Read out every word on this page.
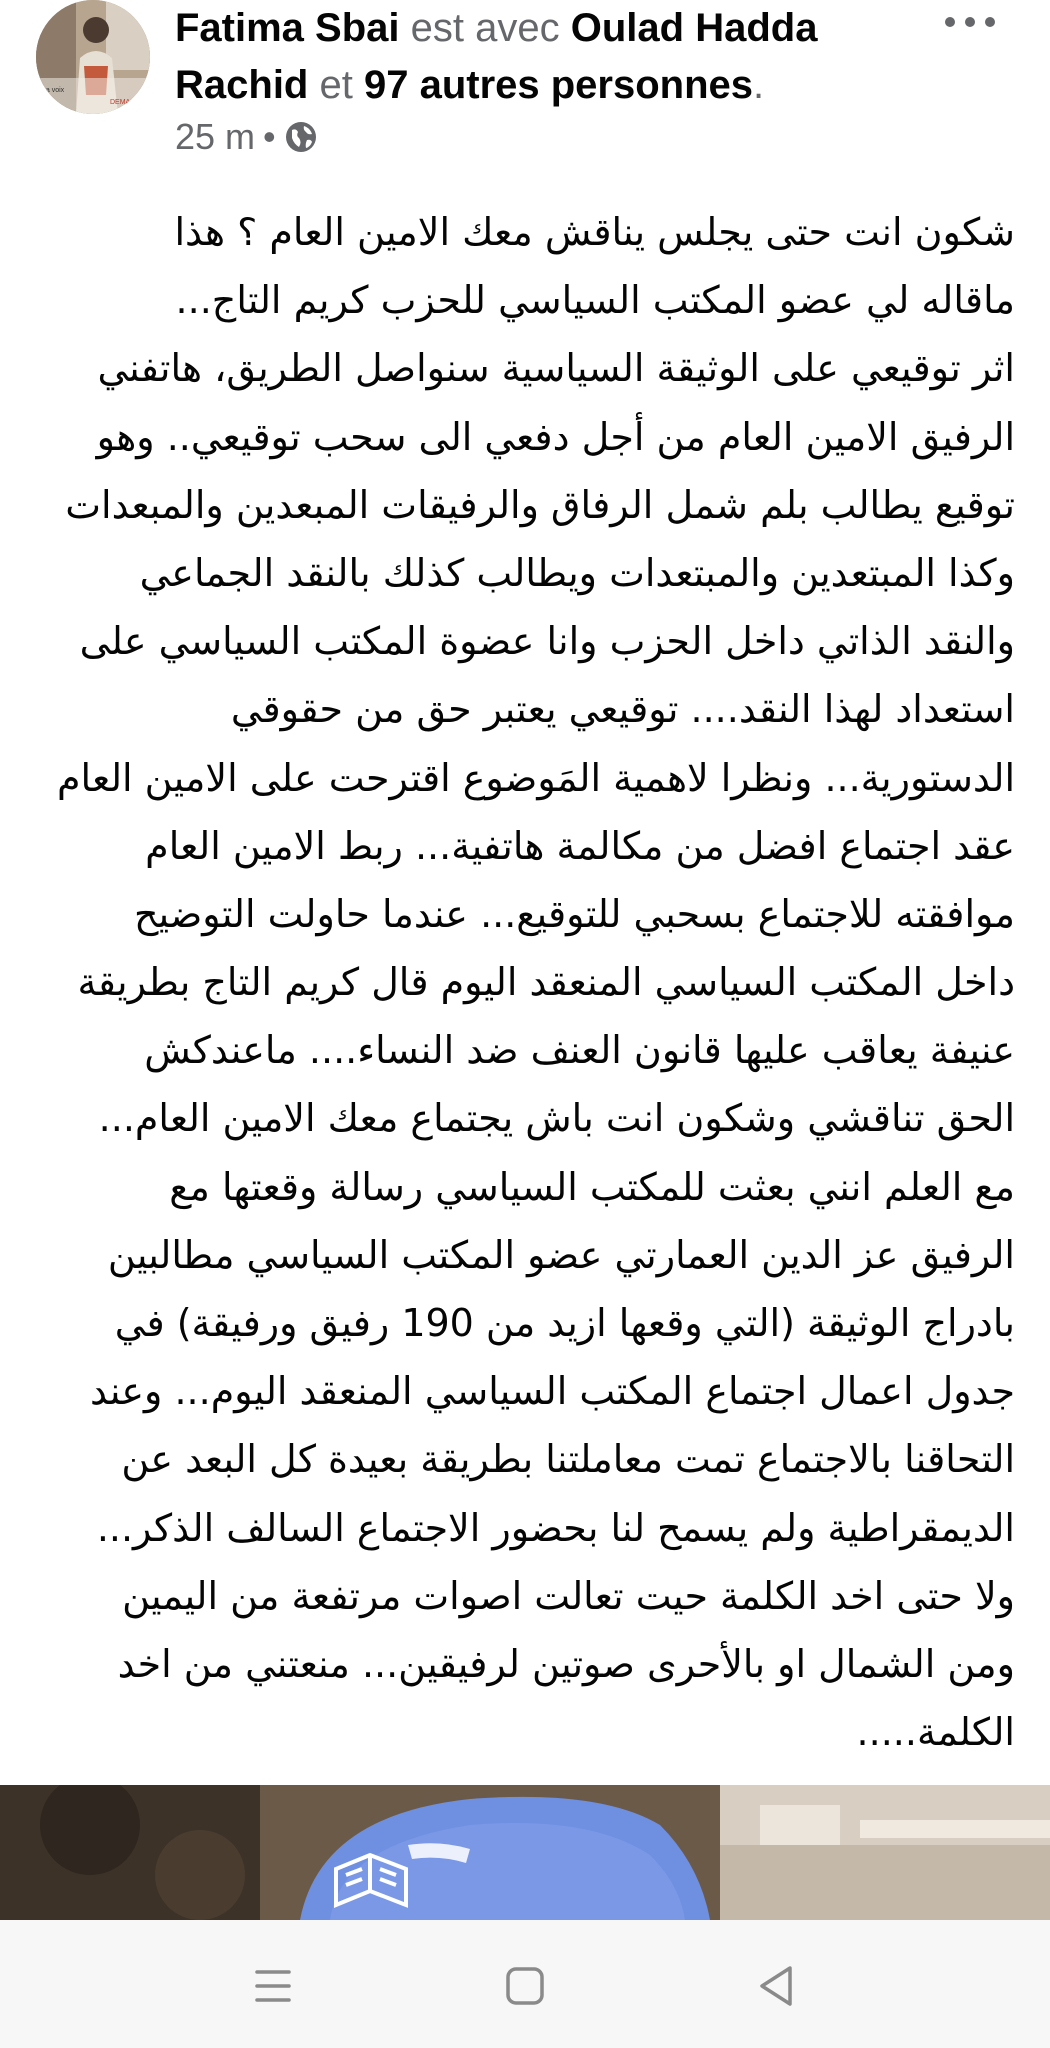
La voix
DEMAIN
Fatima Sbai est avec Oulad Hadda
Rachid et 97 autres personnes.
25 m •
شكون انت حتى يجلس يناقش معك الامين العام ؟ هذا
ماقاله لي عضو المكتب السياسي للحزب كريم التاج...
اثر توقيعي على الوثيقة السياسية سنواصل الطريق، هاتفني
الرفيق الامين العام من أجل دفعي الى سحب توقيعي.. وهو
توقيع يطالب بلم شمل الرفاق والرفيقات المبعدين والمبعدات
وكذا المبتعدين والمبتعدات ويطالب كذلك بالنقد الجماعي
والنقد الذاتي داخل الحزب وانا عضوة المكتب السياسي على
استعداد لهذا النقد.... توقيعي يعتبر حق من حقوقي
الدستورية... ونظرا لاهمية المَوضوع اقترحت على الامين العام
عقد اجتماع افضل من مكالمة هاتفية... ربط الامين العام
موافقته للاجتماع بسحبي للتوقيع... عندما حاولت التوضيح
داخل المكتب السياسي المنعقد اليوم قال كريم التاج بطريقة
عنيفة يعاقب عليها قانون العنف ضد النساء.... ماعندكش
الحق تناقشي وشكون انت باش يجتماع معك الامين العام...
مع العلم انني بعثت للمكتب السياسي رسالة وقعتها مع
الرفيق عز الدين العمارتي عضو المكتب السياسي مطالبين
بادراج الوثيقة (التي وقعها ازيد من 190 رفيق ورفيقة) في
جدول اعمال اجتماع المكتب السياسي المنعقد اليوم... وعند
التحاقنا بالاجتماع تمت معاملتنا بطريقة بعيدة كل البعد عن
الديمقراطية ولم يسمح لنا بحضور الاجتماع السالف الذكر...
ولا حتى اخد الكلمة حيت تعالت اصوات مرتفعة من اليمين
ومن الشمال او بالأحرى صوتين لرفيقين... منعتني من اخد
الكلمة.....
